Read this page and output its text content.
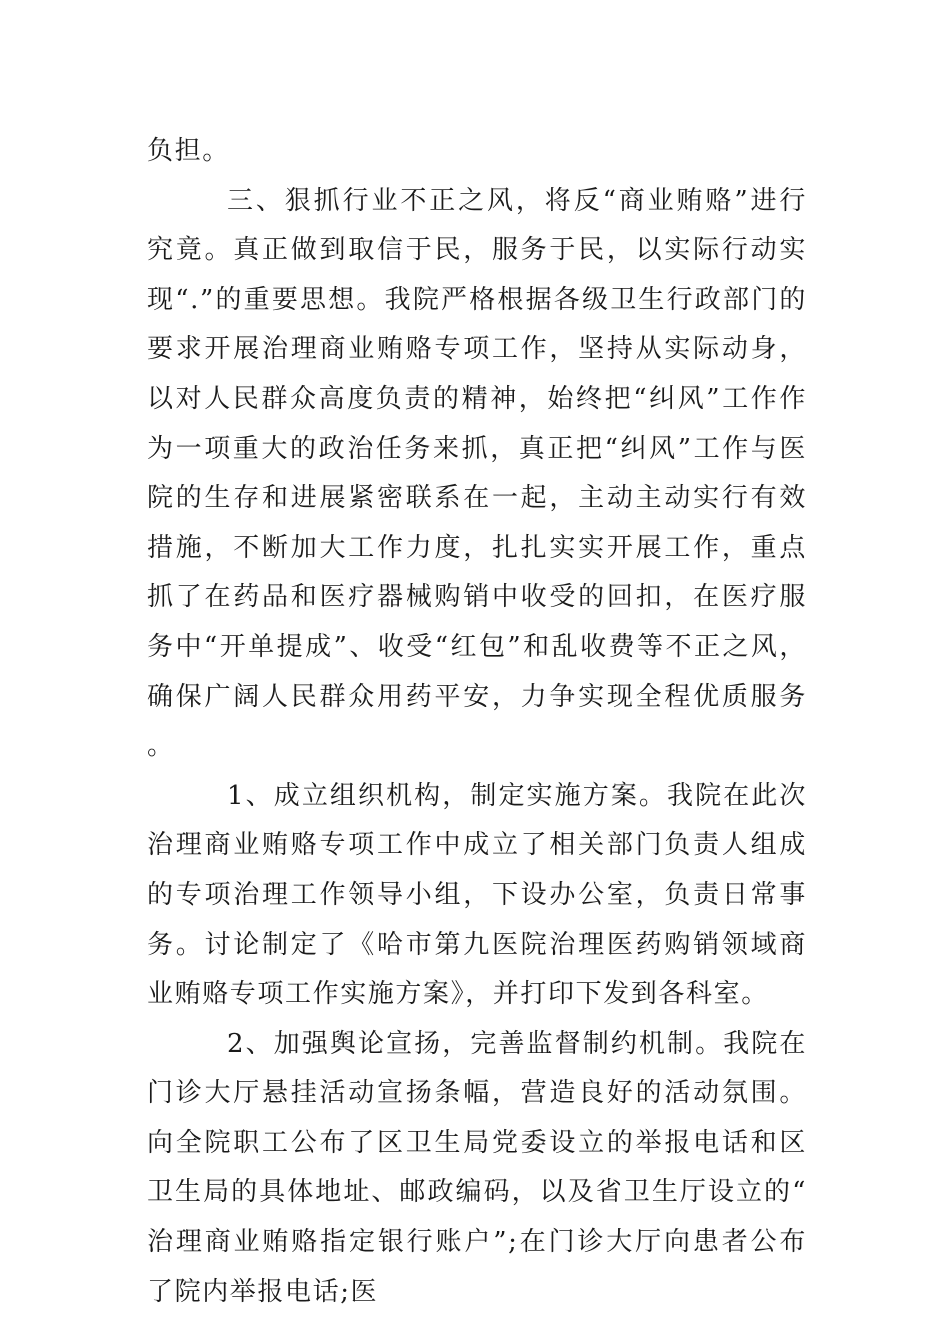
负担。

三、狠抓行业不正之风，将反“商业贿赂”进行究竟。真正做到取信于民，服务于民，以实际行动实现“.”的重要思想。我院严格根据各级卫生行政部门的要求开展治理商业贿赂专项工作，坚持从实际动身，以对人民群众高度负责的精神，始终把“纠风”工作作为一项重大的政治任务来抓，真正把“纠风”工作与医院的生存和进展紧密联系在一起，主动主动实行有效措施，不断加大工作力度，扎扎实实开展工作，重点抓了在药品和医疗器械购销中收受的回扣，在医疗服务中“开单提成”、收受“红包”和乱收费等不正之风，确保广阔人民群众用药平安，力争实现全程优质服务。

1、成立组织机构，制定实施方案。我院在此次治理商业贿赂专项工作中成立了相关部门负责人组成的专项治理工作领导小组，下设办公室，负责日常事务。讨论制定了《哈市第九医院治理医药购销领域商业贿赂专项工作实施方案》，并打印下发到各科室。

2、加强舆论宣扬，完善监督制约机制。我院在门诊大厅悬挂活动宣扬条幅，营造良好的活动氛围。向全院职工公布了区卫生局党委设立的举报电话和区卫生局的具体地址、邮政编码，以及省卫生厅设立的“治理商业贿赂指定银行账户”;在门诊大厅向患者公布了院内举报电话;医
